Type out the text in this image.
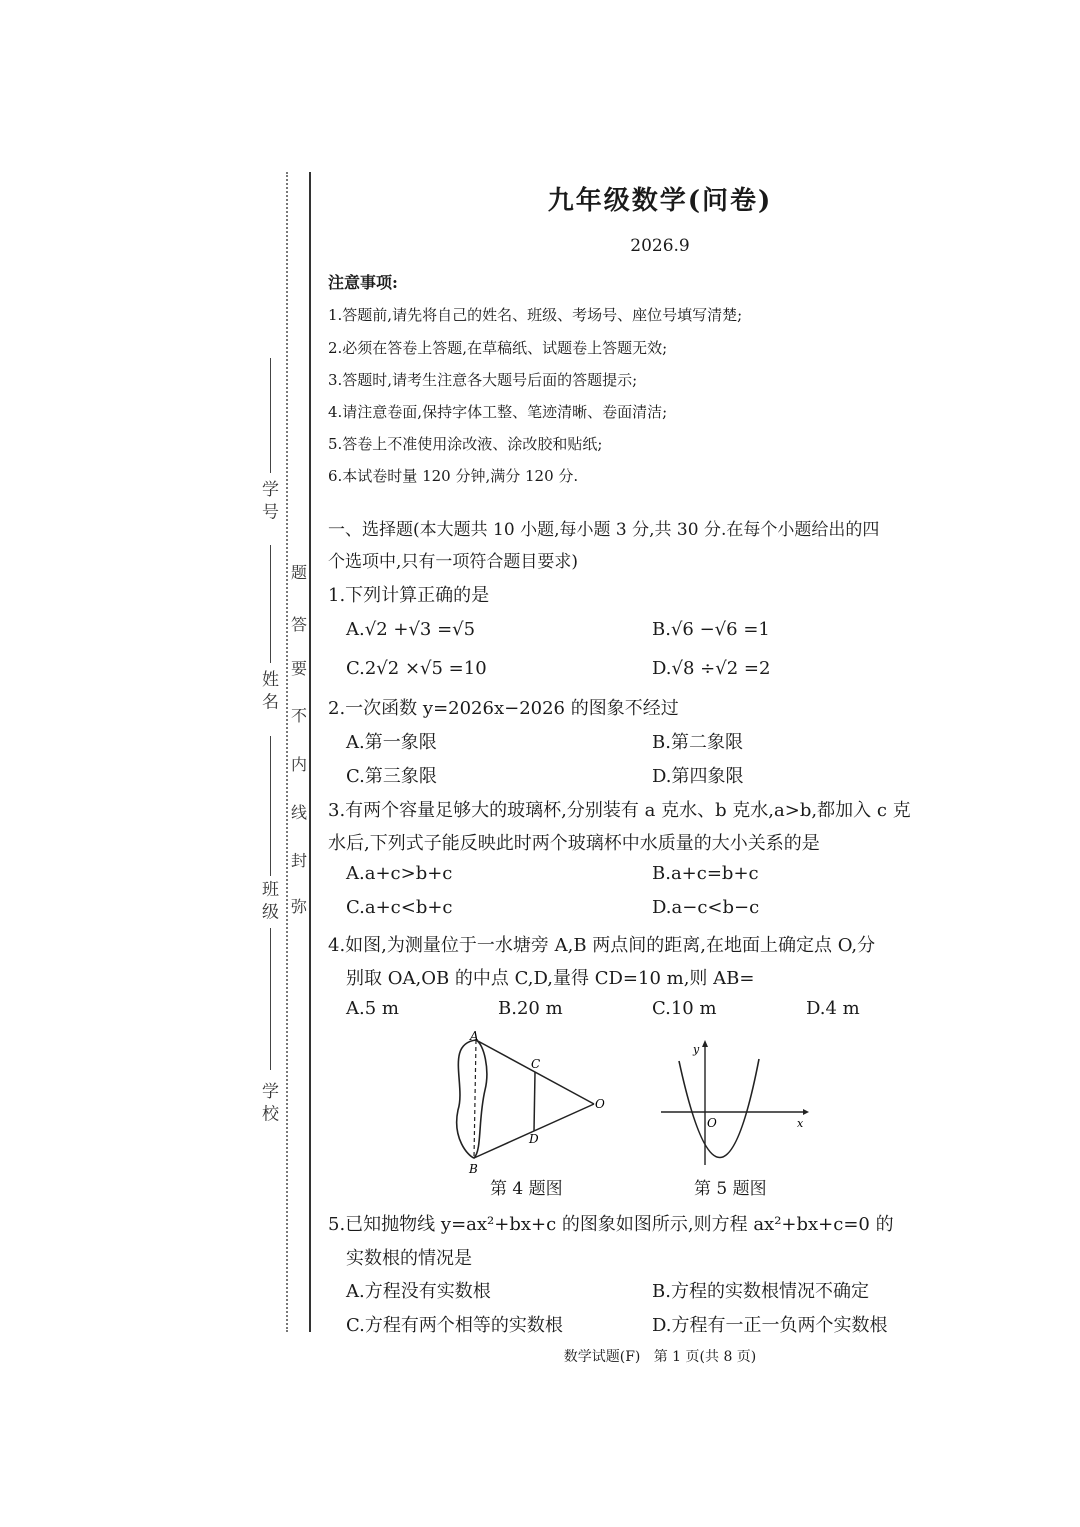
学 号
姓 名
班 级
学 校
题
答
要
不
内
线
封
弥
九年级数学(问卷)
2026.9
注意事项:
1.答题前,请先将自己的姓名、班级、考场号、座位号填写清楚;
2.必须在答卷上答题,在草稿纸、试题卷上答题无效;
3.答题时,请考生注意各大题号后面的答题提示;
4.请注意卷面,保持字体工整、笔迹清晰、卷面清洁;
5.答卷上不准使用涂改液、涂改胶和贴纸;
6.本试卷时量 120 分钟,满分 120 分.
一、选择题(本大题共 10 小题,每小题 3 分,共 30 分.在每个小题给出的四
个选项中,只有一项符合题目要求)
1.下列计算正确的是
A.√2 +√3 =√5	B.√6 −√6 =1
C.2√2 ×√5 =10	D.√8 ÷√2 =2
2.一次函数 y=2026x−2026 的图象不经过
A.第一象限	B.第二象限
C.第三象限	D.第四象限
3.有两个容量足够大的玻璃杯,分别装有 a 克水、b 克水,a>b,都加入 c 克
水后,下列式子能反映此时两个玻璃杯中水质量的大小关系的是
A.a+c>b+c	B.a+c=b+c
C.a+c<b+c	D.a−c<b−c
4.如图,为测量位于一水塘旁 A,B 两点间的距离,在地面上确定点 O,分
别取 OA,OB 的中点 C,D,量得 CD=10 m,则 AB=
A.5 m	B.20 m	C.10 m	D.4 m
A
B
C
D
O
第 4 题图
x
y
O
第 5 题图
5.已知抛物线 y=ax²+bx+c 的图象如图所示,则方程 ax²+bx+c=0 的
实数根的情况是
A.方程没有实数根	B.方程的实数根情况不确定
C.方程有两个相等的实数根	D.方程有一正一负两个实数根
数学试题(F)   第 1 页(共 8 页)
